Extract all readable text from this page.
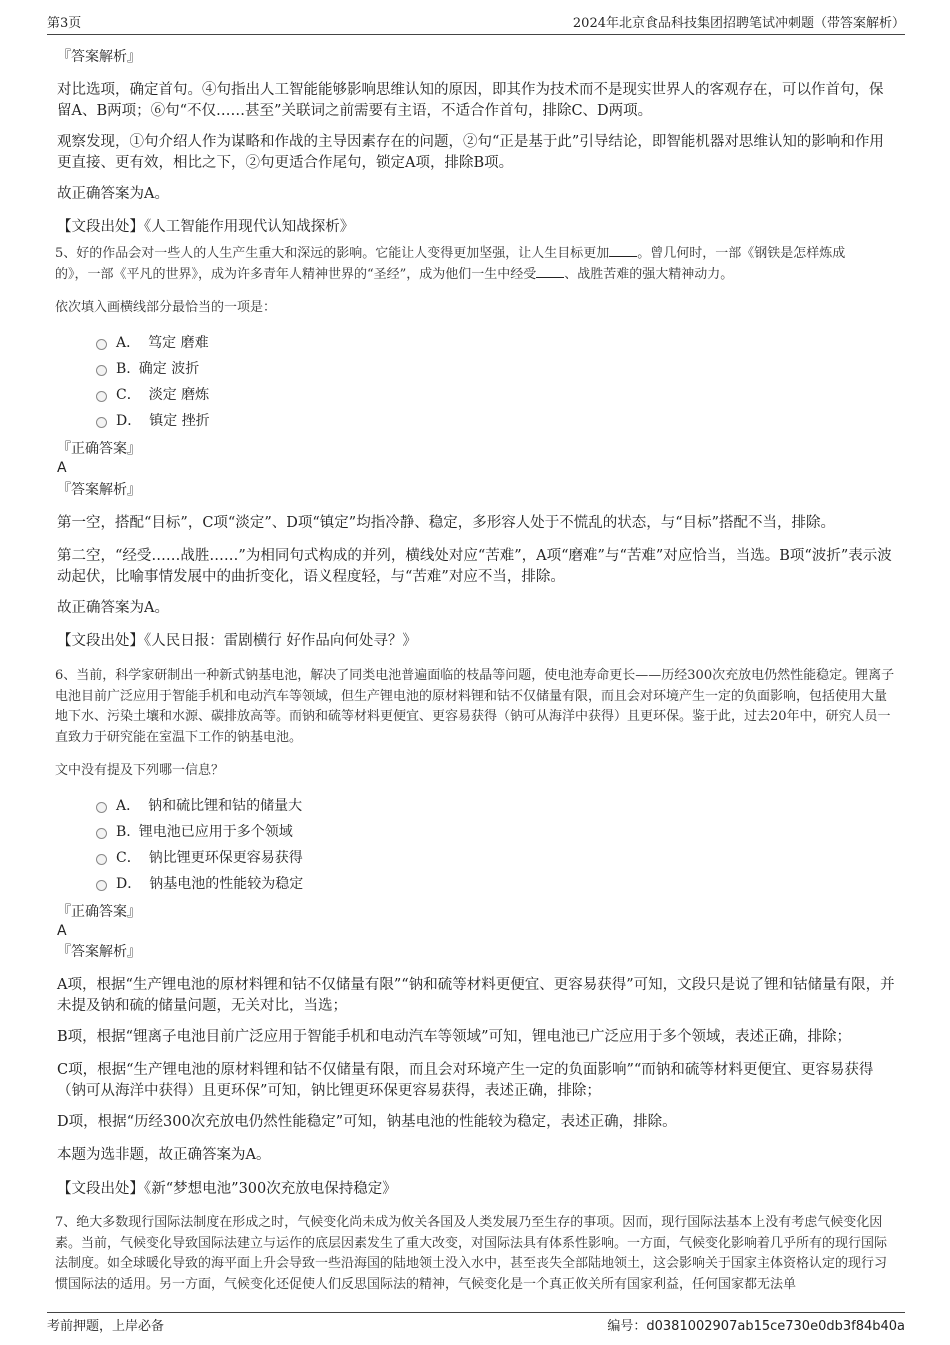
第3页	2024年北京食品科技集团招聘笔试冲刺题（带答案解析）
『答案解析』
对比选项，确定首句。④句指出人工智能能够影响思维认知的原因，即其作为技术而不是现实世界人的客观存在，可以作首句，保留A、B两项；⑥句“不仅……甚至”关联词之前需要有主语，不适合作首句，排除C、D两项。
观察发现，①句介绍人作为谋略和作战的主导因素存在的问题，②句“正是基于此”引导结论，即智能机器对思维认知的影响和作用更直接、更有效，相比之下，②句更适合作尾句，锁定A项，排除B项。
故正确答案为A。
【文段出处】《人工智能作用现代认知战探析》
5、好的作品会对一些人的人生产生重大和深远的影响。它能让人变得更加坚强，让人生目标更加 。曾几何时，一部《钢铁是怎样炼成
的》，一部《平凡的世界》，成为许多青年人精神世界的“圣经”，成为他们一生中经受 、战胜苦难的强大精神动力。
依次填入画横线部分最恰当的一项是：
A． 笃定 磨难
B. 确定 波折
C． 淡定 磨炼
D． 镇定 挫折
『正确答案』
A
『答案解析』
第一空，搭配“目标”，C项“淡定”、D项“镇定”均指冷静、稳定，多形容人处于不慌乱的状态，与“目标”搭配不当，排除。
第二空，“经受……战胜……”为相同句式构成的并列，横线处对应“苦难”，A项“磨难”与“苦难”对应恰当，当选。B项“波折”表示波动起伏，比喻事情发展中的曲折变化，语义程度轻，与“苦难”对应不当，排除。
故正确答案为A。
【文段出处】《人民日报：雷剧横行 好作品向何处寻？》
6、当前，科学家研制出一种新式钠基电池，解决了同类电池普遍面临的枝晶等问题，使电池寿命更长——历经300次充放电仍然性能稳定。锂离子电池目前广泛应用于智能手机和电动汽车等领域，但生产锂电池的原材料锂和钴不仅储量有限，而且会对环境产生一定的负面影响，包括使用大量地下水、污染土壤和水源、碳排放高等。而钠和硫等材料更便宜、更容易获得（钠可从海洋中获得）且更环保。鉴于此，过去20年中，研究人员一直致力于研究能在室温下工作的钠基电池。
文中没有提及下列哪一信息？
A． 钠和硫比锂和钴的储量大
B. 锂电池已应用于多个领域
C． 钠比锂更环保更容易获得
D． 钠基电池的性能较为稳定
『正确答案』
A
『答案解析』
A项，根据“生产锂电池的原材料锂和钴不仅储量有限”“钠和硫等材料更便宜、更容易获得”可知，文段只是说了锂和钴储量有限，并未提及钠和硫的储量问题，无关对比，当选；
B项，根据“锂离子电池目前广泛应用于智能手机和电动汽车等领域”可知，锂电池已广泛应用于多个领域，表述正确，排除；
C项，根据“生产锂电池的原材料锂和钴不仅储量有限，而且会对环境产生一定的负面影响”“而钠和硫等材料更便宜、更容易获得（钠可从海洋中获得）且更环保”可知，钠比锂更环保更容易获得，表述正确，排除；
D项，根据“历经300次充放电仍然性能稳定”可知，钠基电池的性能较为稳定，表述正确，排除。
本题为选非题，故正确答案为A。
【文段出处】《新“梦想电池”300次充放电保持稳定》
7、绝大多数现行国际法制度在形成之时，气候变化尚未成为攸关各国及人类发展乃至生存的事项。因而，现行国际法基本上没有考虑气候变化因素。当前，气候变化导致国际法建立与运作的底层因素发生了重大改变，对国际法具有体系性影响。一方面，气候变化影响着几乎所有的现行国际法制度。如全球暖化导致的海平面上升会导致一些沿海国的陆地领土没入水中，甚至丧失全部陆地领土，这会影响关于国家主体资格认定的现行习惯国际法的适用。另一方面，气候变化还促使人们反思国际法的精神，气候变化是一个真正攸关所有国家利益，任何国家都无法单
考前押题，上岸必备	编号：d0381002907ab15ce730e0db3f84b40a
